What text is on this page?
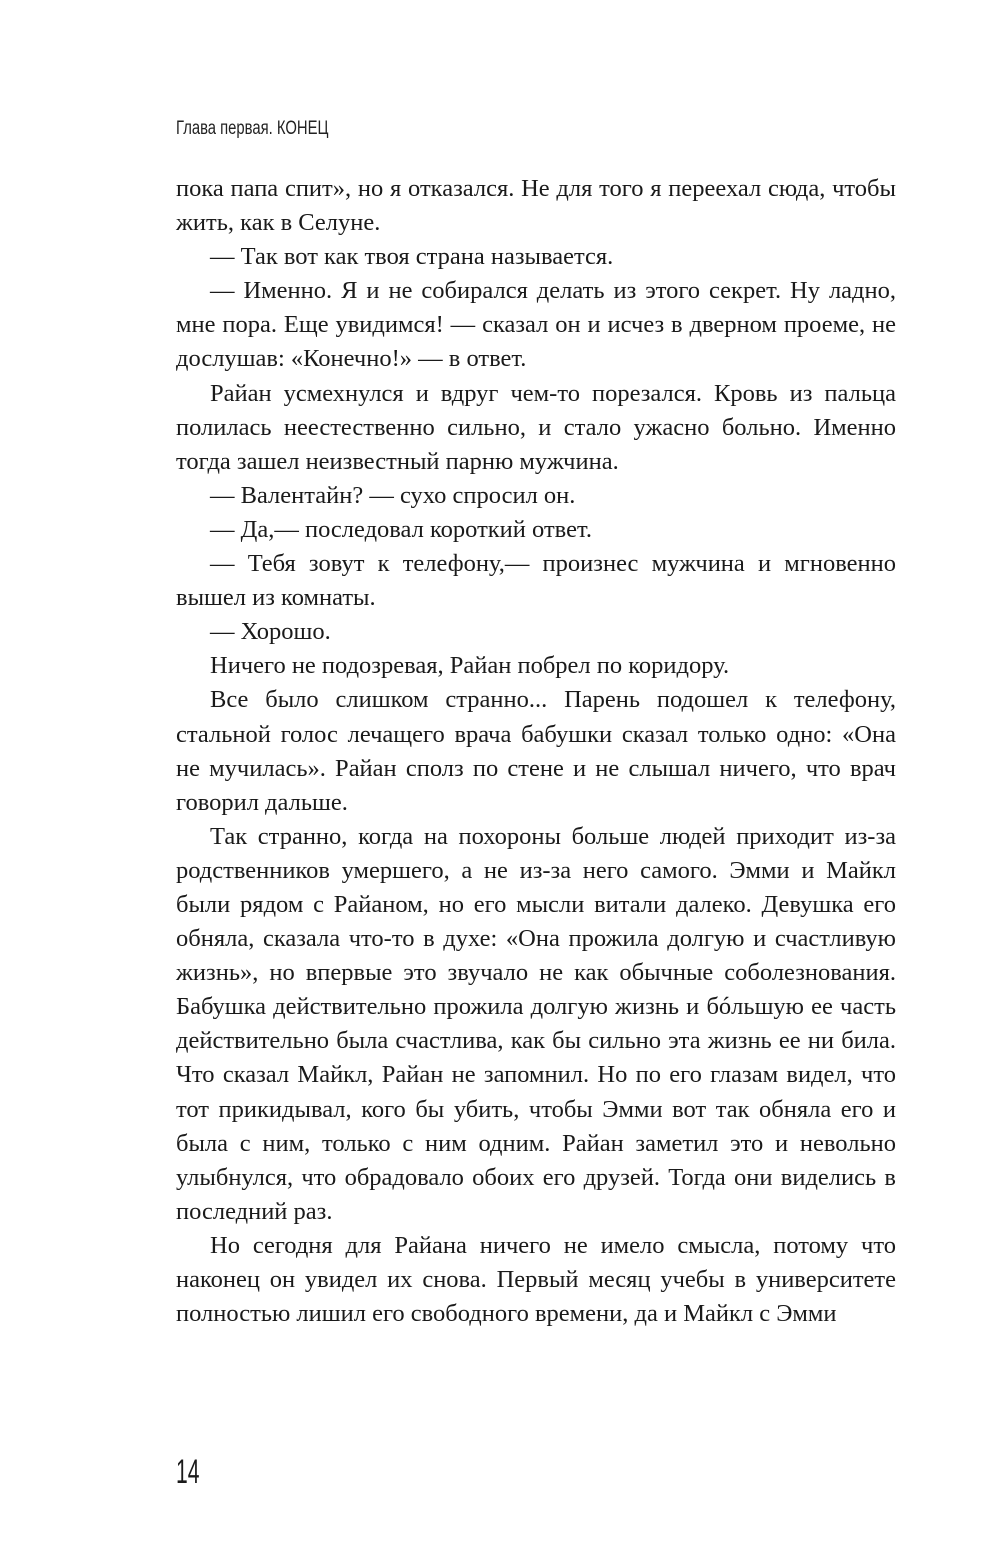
Глава первая. КОНЕЦ

пока папа спит», но я отказался. Не для того я переехал сюда, чтобы жить, как в Селуне.

— Так вот как твоя страна называется.

— Именно. Я и не собирался делать из этого секрет. Ну ладно, мне пора. Еще увидимся! — сказал он и исчез в дверном проеме, не дослушав: «Конечно!» — в ответ.

Райан усмехнулся и вдруг чем-то порезался. Кровь из пальца полилась неестественно сильно, и стало ужасно больно. Именно тогда зашел неизвестный парню мужчина.

— Валентайн? — сухо спросил он.

— Да,— последовал короткий ответ.

— Тебя зовут к телефону,— произнес мужчина и мгновенно вышел из комнаты.

— Хорошо.

Ничего не подозревая, Райан побрел по коридору.

Все было слишком странно... Парень подошел к телефону, стальной голос лечащего врача бабушки сказал только одно: «Она не мучилась». Райан сполз по стене и не слышал ничего, что врач говорил дальше.

Так странно, когда на похороны больше людей приходит из-за родственников умершего, а не из-за него самого. Эмми и Майкл были рядом с Райаном, но его мысли витали далеко. Девушка его обняла, сказала что-то в духе: «Она прожила долгую и счастливую жизнь», но впервые это звучало не как обычные соболезнования. Бабушка действительно прожила долгую жизнь и бóльшую ее часть действительно была счастлива, как бы сильно эта жизнь ее ни била. Что сказал Майкл, Райан не запомнил. Но по его глазам видел, что тот прикидывал, кого бы убить, чтобы Эмми вот так обняла его и была с ним, только с ним одним. Райан заметил это и невольно улыбнулся, что обрадовало обоих его друзей. Тогда они виделись в последний раз.

Но сегодня для Райана ничего не имело смысла, потому что наконец он увидел их снова. Первый месяц учебы в университете полностью лишил его свободного времени, да и Майкл с Эмми

14
